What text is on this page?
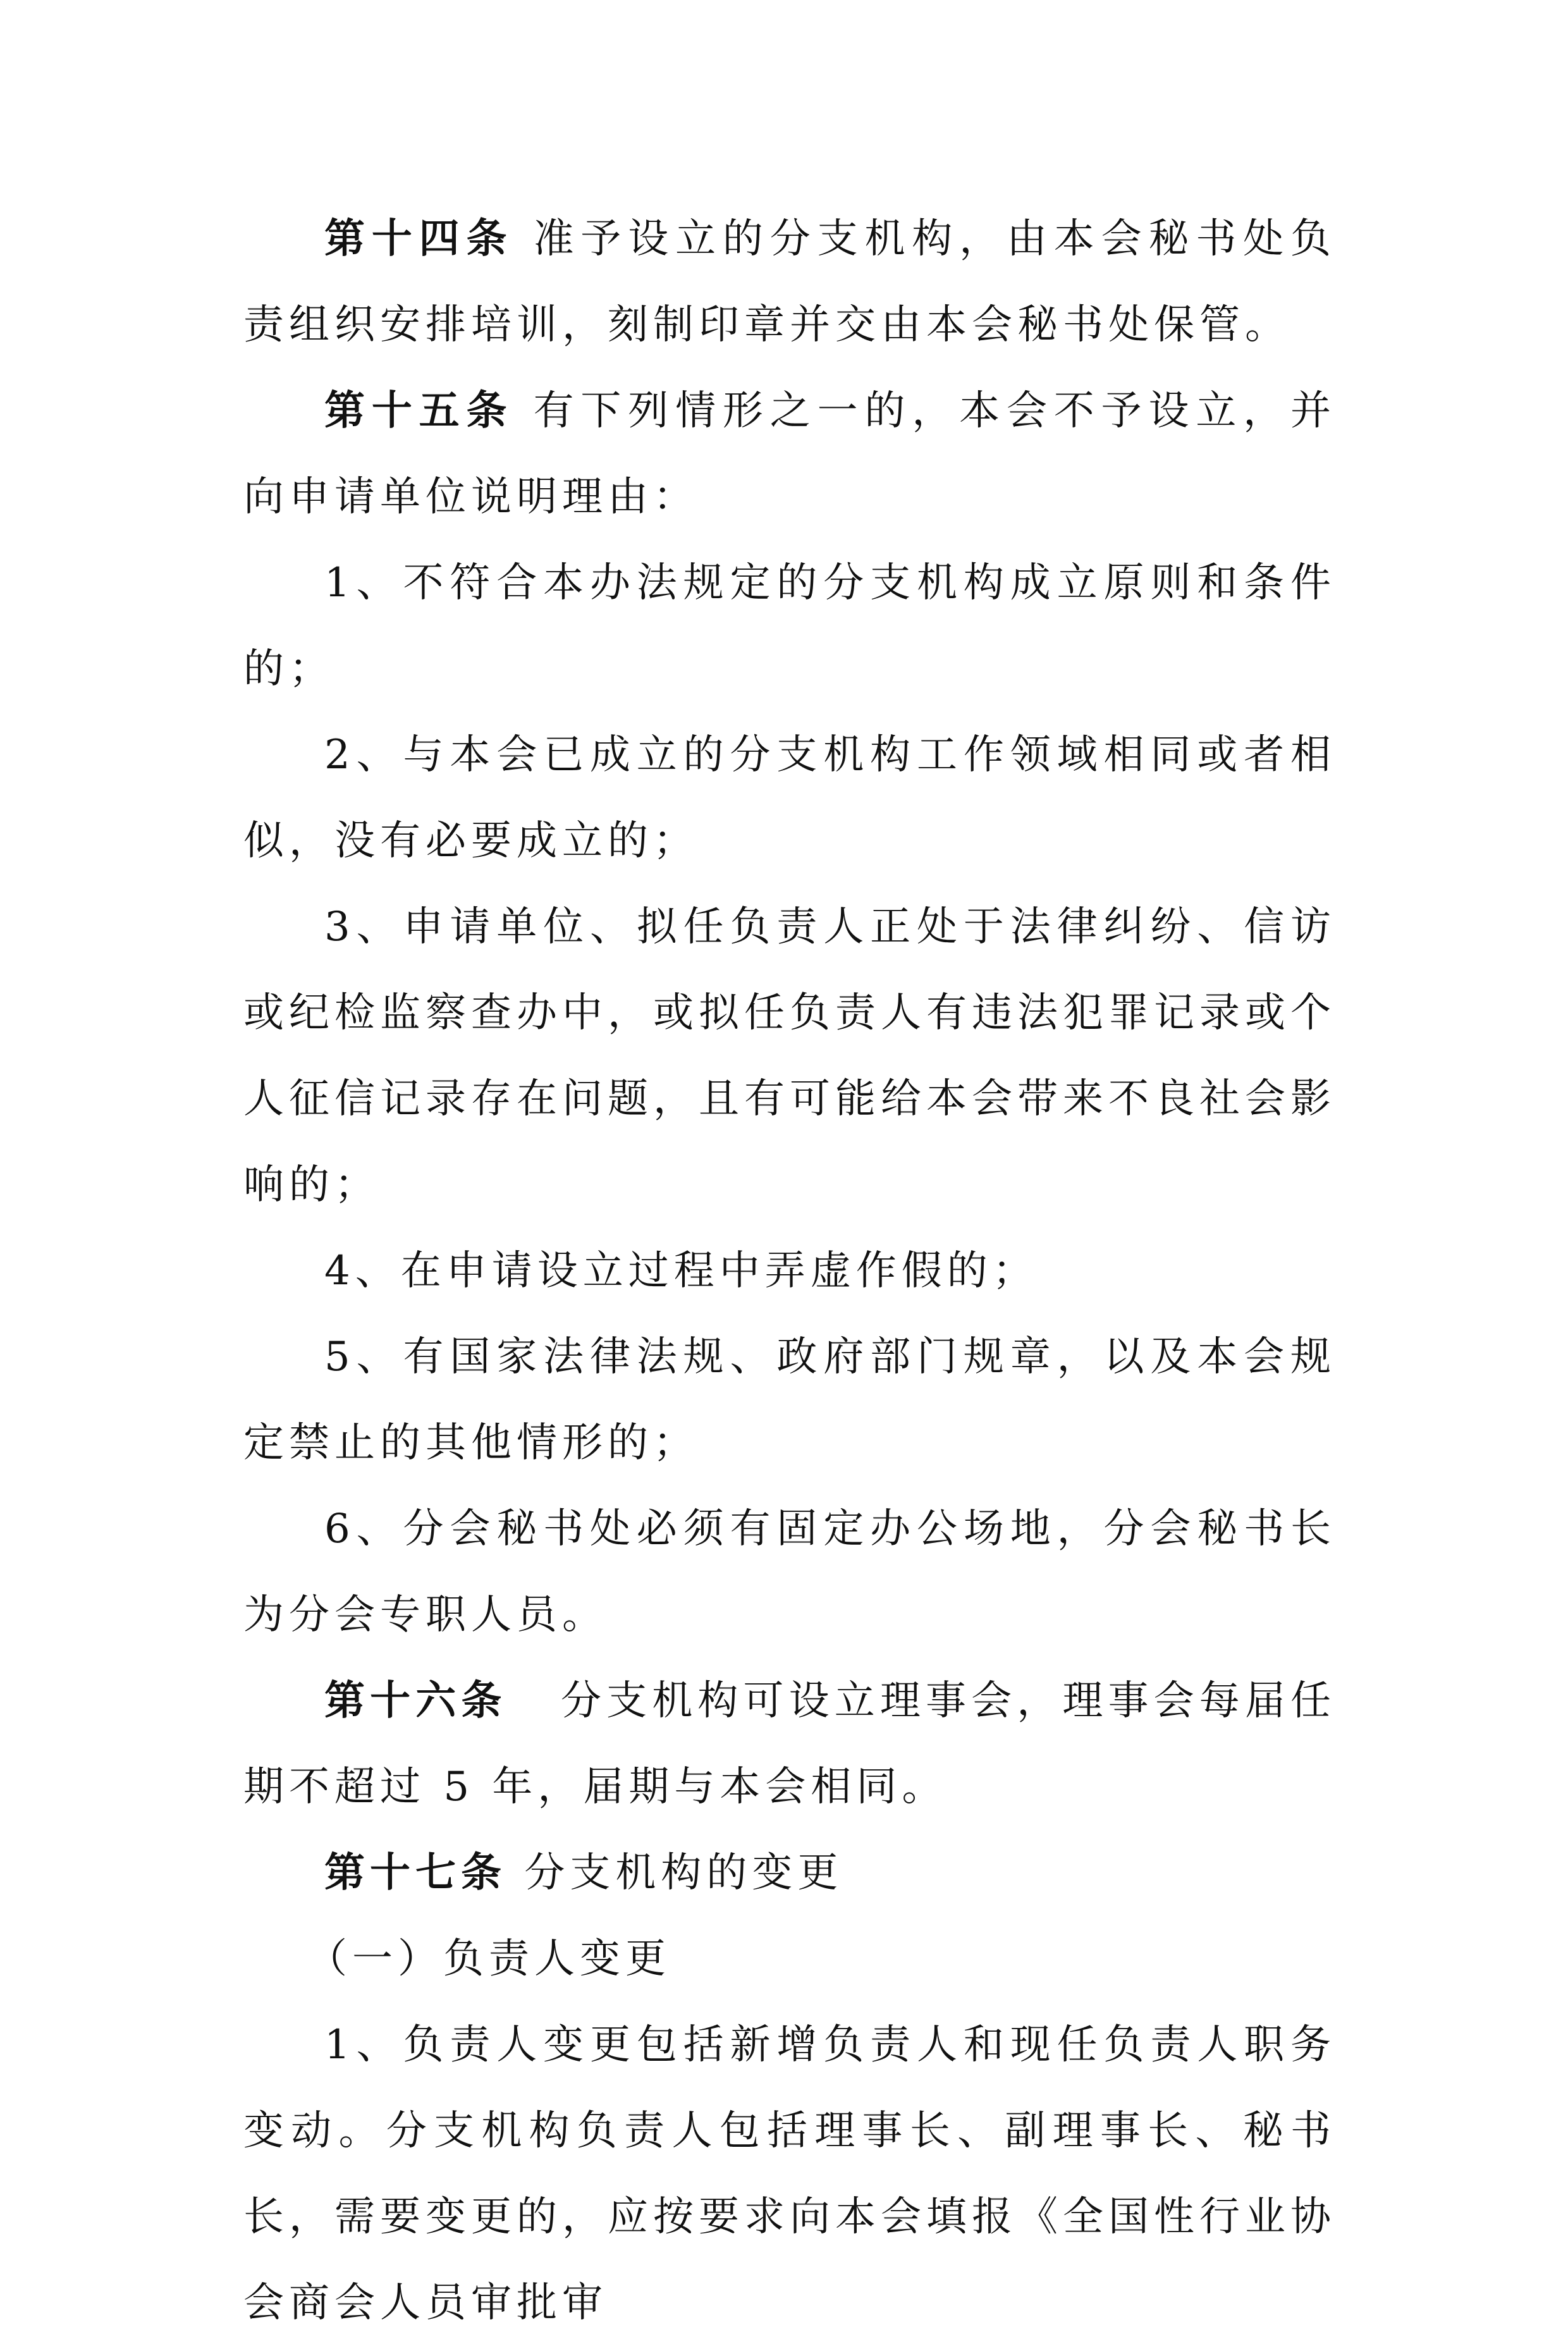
第十四条 准予设立的分支机构，由本会秘书处负责组织安排培训，刻制印章并交由本会秘书处保管。

第十五条 有下列情形之一的，本会不予设立，并向申请单位说明理由：

1、不符合本办法规定的分支机构成立原则和条件的；

2、与本会已成立的分支机构工作领域相同或者相似，没有必要成立的；

3、申请单位、拟任负责人正处于法律纠纷、信访或纪检监察查办中，或拟任负责人有违法犯罪记录或个人征信记录存在问题，且有可能给本会带来不良社会影响的；

4、在申请设立过程中弄虚作假的；

5、有国家法律法规、政府部门规章，以及本会规定禁止的其他情形的；

6、分会秘书处必须有固定办公场地，分会秘书长为分会专职人员。

第十六条 分支机构可设立理事会，理事会每届任期不超过 5 年，届期与本会相同。

第十七条 分支机构的变更

（一）负责人变更

1、负责人变更包括新增负责人和现任负责人职务变动。分支机构负责人包括理事长、副理事长、秘书长，需要变更的，应按要求向本会填报《全国性行业协会商会人员审批审
